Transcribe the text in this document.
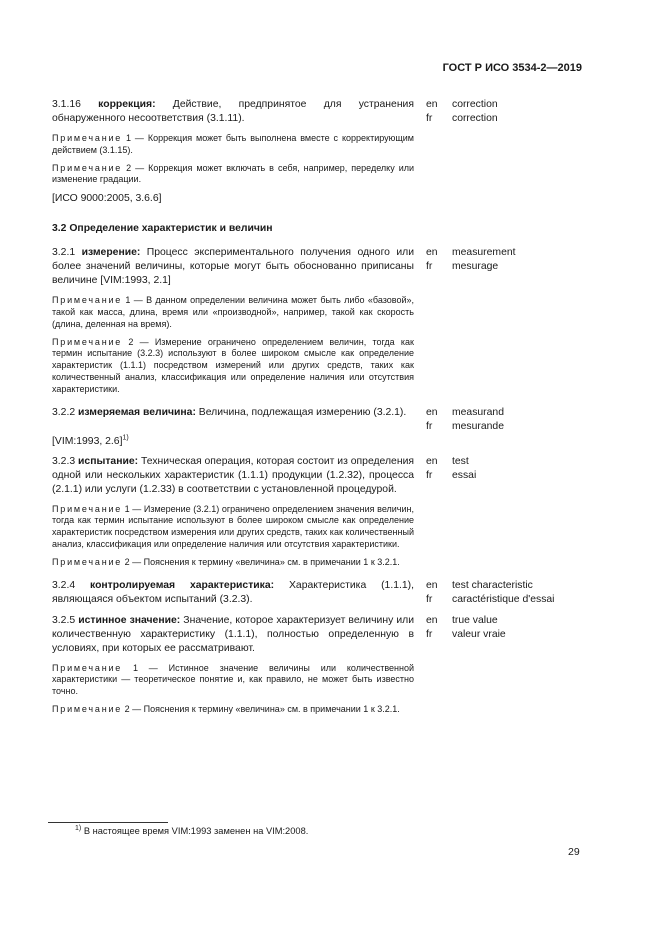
ГОСТ Р ИСО 3534-2—2019
3.1.16 коррекция: Действие, предпринятое для устранения обнаруженного несоответствия (3.1.11).
en
fr
correction
correction
Примечание 1 — Коррекция может быть выполнена вместе с корректирующим действием (3.1.15).
Примечание 2 — Коррекция может включать в себя, например, переделку или изменение градации.
[ИСО 9000:2005, 3.6.6]
3.2 Определение характеристик и величин
3.2.1 измерение: Процесс экспериментального получения одного или более значений величины, которые могут быть обоснованно приписаны величине [VIM:1993, 2.1]
en
fr
measurement
mesurage
Примечание 1 — В данном определении величина может быть либо «базовой», такой как масса, длина, время или «производной», например, такой как скорость (длина, деленная на время).
Примечание 2 — Измерение ограничено определением величин, тогда как термин испытание (3.2.3) используют в более широком смысле как определение характеристик (1.1.1) посредством измерений или других средств, таких как количественный анализ, классификация или определение наличия или отсутствия характеристики.
3.2.2 измеряемая величина: Величина, подлежащая измерению (3.2.1).	en
fr
measurand
mesurande
[VIM:1993, 2.6]$^{1)}$
3.2.3 испытание: Техническая операция, которая состоит из определения одной или нескольких характеристик (1.1.1) продукции (1.2.32), процесса (2.1.1) или услуги (1.2.33) в соответствии с установленной процедурой.
en
fr
test
essai
Примечание 1 — Измерение (3.2.1) ограничено определением значения величин, тогда как термин испытание используют в более широком смысле как определение характеристик посредством измерения или других средств, таких как количественный анализ, классификация или определение наличия или отсутствия характеристики.
Примечание 2 — Пояснения к термину «величина» см. в примечании 1 к 3.2.1.
3.2.4 контролируемая характеристика: Характеристика (1.1.1), являющаяся объектом испытаний (3.2.3).
en
fr
test characteristic
caractéristique d'essai
3.2.5 истинное значение: Значение, которое характеризует величину или количественную характеристику (1.1.1), полностью определенную в условиях, при которых ее рассматривают.
en
fr
true value
valeur vraie
Примечание 1 — Истинное значение величины или количественной характеристики — теоретическое понятие и, как правило, не может быть известно точно.
Примечание 2 — Пояснения к термину «величина» см. в примечании 1 к 3.2.1.
$^{1)}$ В настоящее время VIM:1993 заменен на VIM:2008.
29
